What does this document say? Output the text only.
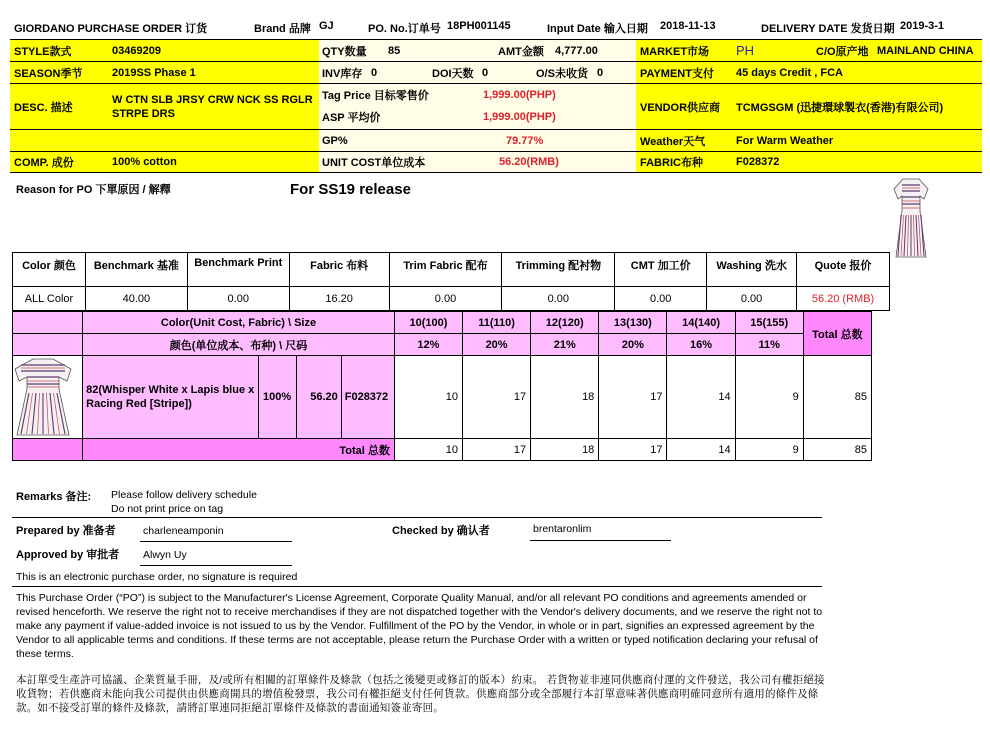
GIORDANO PURCHASE ORDER 订货	Brand 品牌 GJ	PO. No.订单号 18PH001145	Input Date 输入日期 2018-11-13	DELIVERY DATE 发货日期 2019-3-1
STYLE款式	03469209
SEASON季节	2019SS Phase 1
DESC. 描述
W CTN SLB JRSY CRW NCK SS RGLR
STRPE DRS
COMP. 成份	100% cotton
QTY数量 85	AMT金额 4,777.00
INV库存 0	DOI天数 0	O/S未收货 0
Tag Price 目标零售价	1,999.00(PHP)
ASP 平均价	1,999.00(PHP)
GP%	79.77%
UNIT COST单位成本	56.20(RMB)
MARKET市场 PH	C/O原产地 MAINLAND CHINA
PAYMENT支付 45 days Credit , FCA
VENDOR供应商 TCMGSGM (迅捷環球製衣(香港)有限公司)
Weather天气	For Warm Weather
FABRIC布种	F028372
Reason for PO 下單原因 / 解釋	For SS19 release
Color 颜色	Benchmark 基准	Benchmark Print	Fabric 布料	Trim Fabric 配布	Trimming 配衬物	CMT 加工价	Washing 洗水	Quote 报价
ALL Color	40.00	0.00	16.20	0.00	0.00	0.00	0.00	56.20 (RMB)
	Color(Unit Cost, Fabric) \ Size				10(100)	11(110)	12(120)	13(130)	14(140)	15(155)	Total 总数
	颜色(单位成本、布种) \ 尺码				12%	20%	21%	20%	16%	11%	
	82(Whisper White x Lapis blue x Racing Red [Stripe])	100%	56.20	F028372	10	17	18	17	14	9	85
	Total 总数				10	17	18	17	14	9	85
Remarks 备注: Please follow delivery schedule
Do not print price on tag
Prepared by 准备者	charleneamponin	Checked by 确认者	brentaronlim
Approved by 审批者 Alwyn Uy
This is an electronic purchase order, no signature is required
This Purchase Order (“PO”) is subject to the Manufacturer's License Agreement, Corporate Quality Manual, and/or all relevant PO conditions and agreements amended or revised henceforth. We reserve the right not to receive merchandises if they are not dispatched together with the Vendor's delivery documents, and we reserve the right not to make any payment if value-added invoice is not issued to us by the Vendor. Fulfillment of the PO by the Vendor, in whole or in part, signifies an expressed agreement by the Vendor to all applicable terms and conditions. If these terms are not acceptable, please return the Purchase Order with a written or typed notification declaring your refusal of these terms.
本訂單受生產許可協議、企業質量手冊，及/或所有相關的訂單條件及條款（包括之後變更或修訂的版本）約束。 若貨物並非連同供應商付運的文件發送，我公司有權拒絕接收貨物；若供應商未能向我公司提供由供應商開具的增值稅發票，我公司有權拒絕支付任何貨款。供應商部分或全部履行本訂單意味著供應商明確同意所有適用的條件及條款。如不接受訂單的條件及條款，請將訂單連同拒絕訂單條件及條款的書面通知簽並寄回。
